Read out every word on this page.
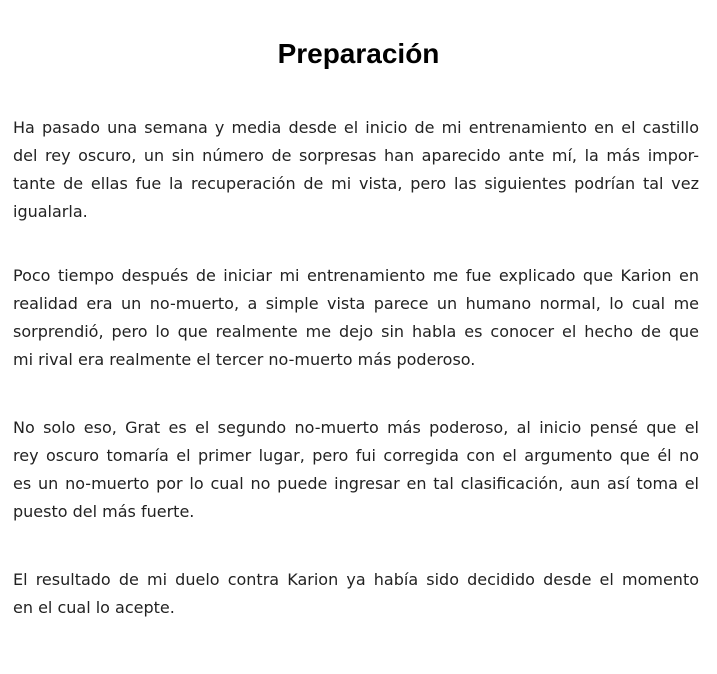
Preparación

Ha pasado una semana y media desde el inicio de mi entrenamiento en el castillo
del rey oscuro, un sin número de sorpresas han aparecido ante mí, la más impor-
tante de ellas fue la recuperación de mi vista, pero las siguientes podrían tal vez
igualarla.

Poco tiempo después de iniciar mi entrenamiento me fue explicado que Karion en
realidad era un no-muerto, a simple vista parece un humano normal, lo cual me
sorprendió, pero lo que realmente me dejo sin habla es conocer el hecho de que
mi rival era realmente el tercer no-muerto más poderoso.

No solo eso, Grat es el segundo no-muerto más poderoso, al inicio pensé que el
rey oscuro tomaría el primer lugar, pero fui corregida con el argumento que él no
es un no-muerto por lo cual no puede ingresar en tal clasificación, aun así toma el
puesto del más fuerte.

El resultado de mi duelo contra Karion ya había sido decidido desde el momento
en el cual lo acepte.
